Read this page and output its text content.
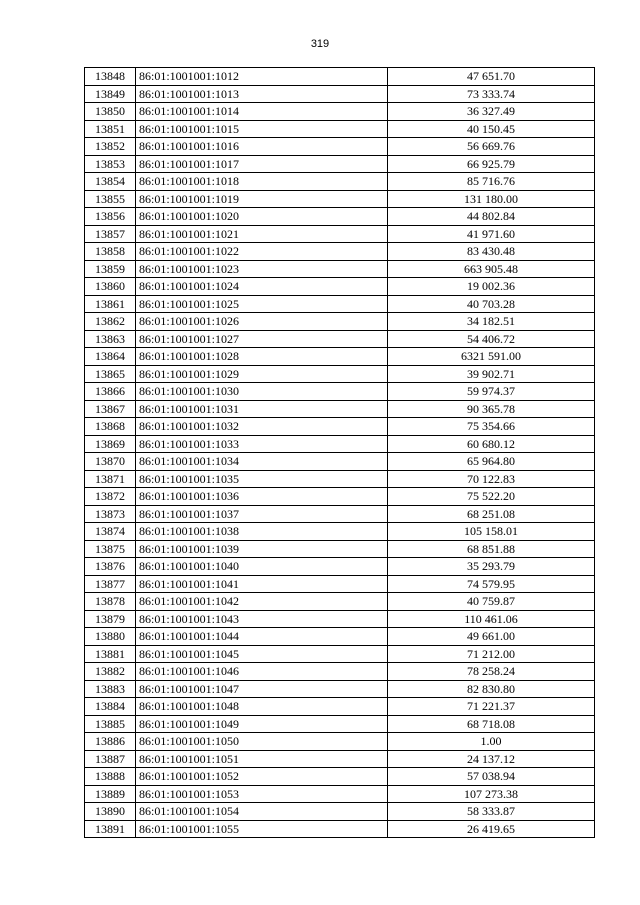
319
13848	86:01:1001001:1012	47 651.70
13849	86:01:1001001:1013	73 333.74
13850	86:01:1001001:1014	36 327.49
13851	86:01:1001001:1015	40 150.45
13852	86:01:1001001:1016	56 669.76
13853	86:01:1001001:1017	66 925.79
13854	86:01:1001001:1018	85 716.76
13855	86:01:1001001:1019	131 180.00
13856	86:01:1001001:1020	44 802.84
13857	86:01:1001001:1021	41 971.60
13858	86:01:1001001:1022	83 430.48
13859	86:01:1001001:1023	663 905.48
13860	86:01:1001001:1024	19 002.36
13861	86:01:1001001:1025	40 703.28
13862	86:01:1001001:1026	34 182.51
13863	86:01:1001001:1027	54 406.72
13864	86:01:1001001:1028	6321 591.00
13865	86:01:1001001:1029	39 902.71
13866	86:01:1001001:1030	59 974.37
13867	86:01:1001001:1031	90 365.78
13868	86:01:1001001:1032	75 354.66
13869	86:01:1001001:1033	60 680.12
13870	86:01:1001001:1034	65 964.80
13871	86:01:1001001:1035	70 122.83
13872	86:01:1001001:1036	75 522.20
13873	86:01:1001001:1037	68 251.08
13874	86:01:1001001:1038	105 158.01
13875	86:01:1001001:1039	68 851.88
13876	86:01:1001001:1040	35 293.79
13877	86:01:1001001:1041	74 579.95
13878	86:01:1001001:1042	40 759.87
13879	86:01:1001001:1043	110 461.06
13880	86:01:1001001:1044	49 661.00
13881	86:01:1001001:1045	71 212.00
13882	86:01:1001001:1046	78 258.24
13883	86:01:1001001:1047	82 830.80
13884	86:01:1001001:1048	71 221.37
13885	86:01:1001001:1049	68 718.08
13886	86:01:1001001:1050	1.00
13887	86:01:1001001:1051	24 137.12
13888	86:01:1001001:1052	57 038.94
13889	86:01:1001001:1053	107 273.38
13890	86:01:1001001:1054	58 333.87
13891	86:01:1001001:1055	26 419.65
